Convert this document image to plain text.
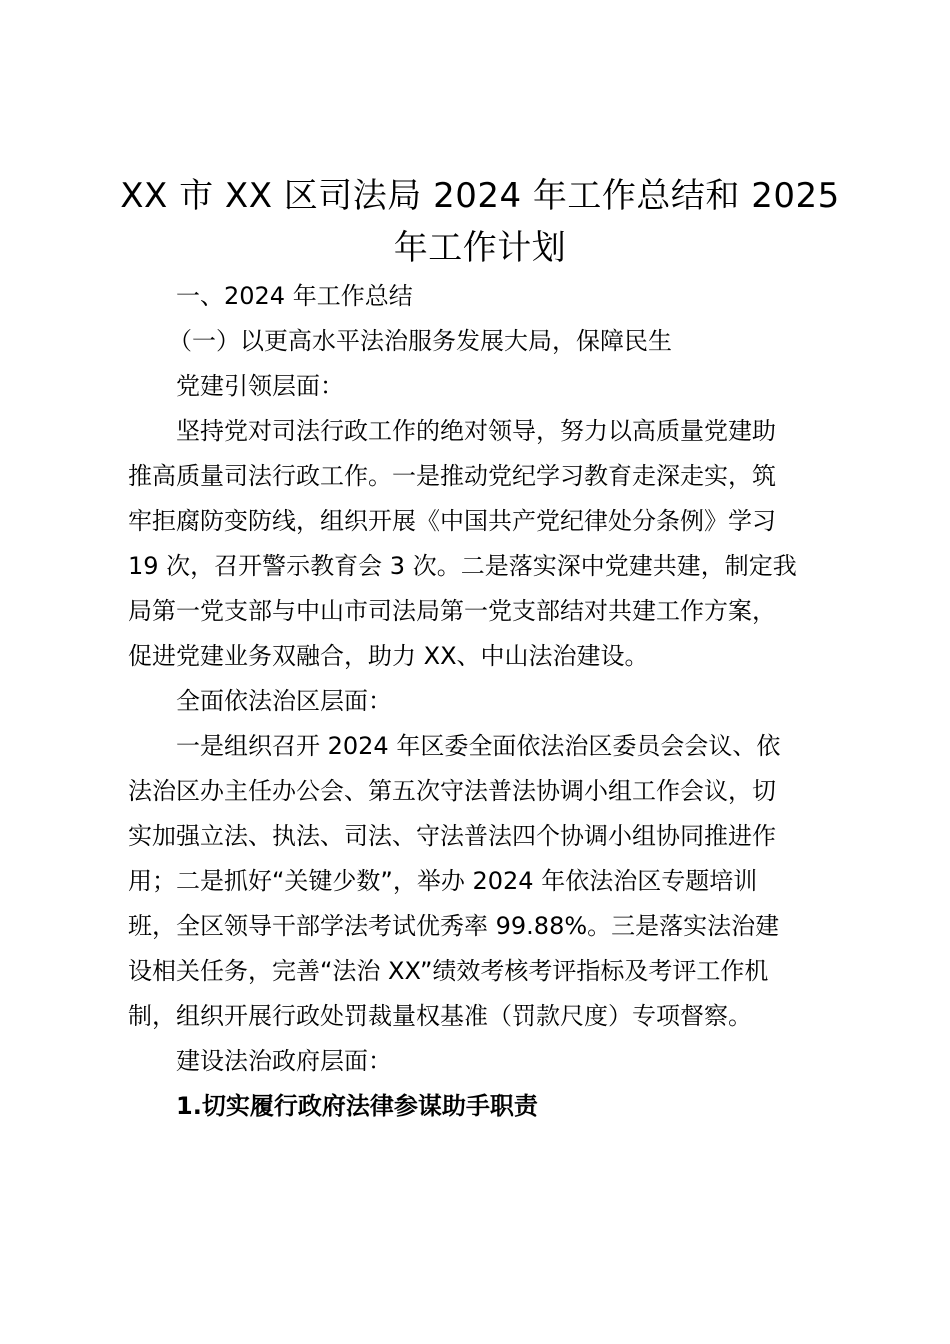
XX 市 XX 区司法局 2024 年工作总结和 2025
年工作计划
一、2024 年工作总结
（一）以更高水平法治服务发展大局，保障民生
党建引领层面：
坚持党对司法行政工作的绝对领导，努力以高质量党建助
推高质量司法行政工作。一是推动党纪学习教育走深走实，筑
牢拒腐防变防线，组织开展《中国共产党纪律处分条例》学习
19 次，召开警示教育会 3 次。二是落实深中党建共建，制定我
局第一党支部与中山市司法局第一党支部结对共建工作方案，
促进党建业务双融合，助力 XX、中山法治建设。
全面依法治区层面：
一是组织召开 2024 年区委全面依法治区委员会会议、依
法治区办主任办公会、第五次守法普法协调小组工作会议，切
实加强立法、执法、司法、守法普法四个协调小组协同推进作
用；二是抓好“关键少数”，举办 2024 年依法治区专题培训
班，全区领导干部学法考试优秀率 99.88%。三是落实法治建
设相关任务，完善“法治 XX”绩效考核考评指标及考评工作机
制，组织开展行政处罚裁量权基准（罚款尺度）专项督察。
建设法治政府层面：
1.切实履行政府法律参谋助手职责
